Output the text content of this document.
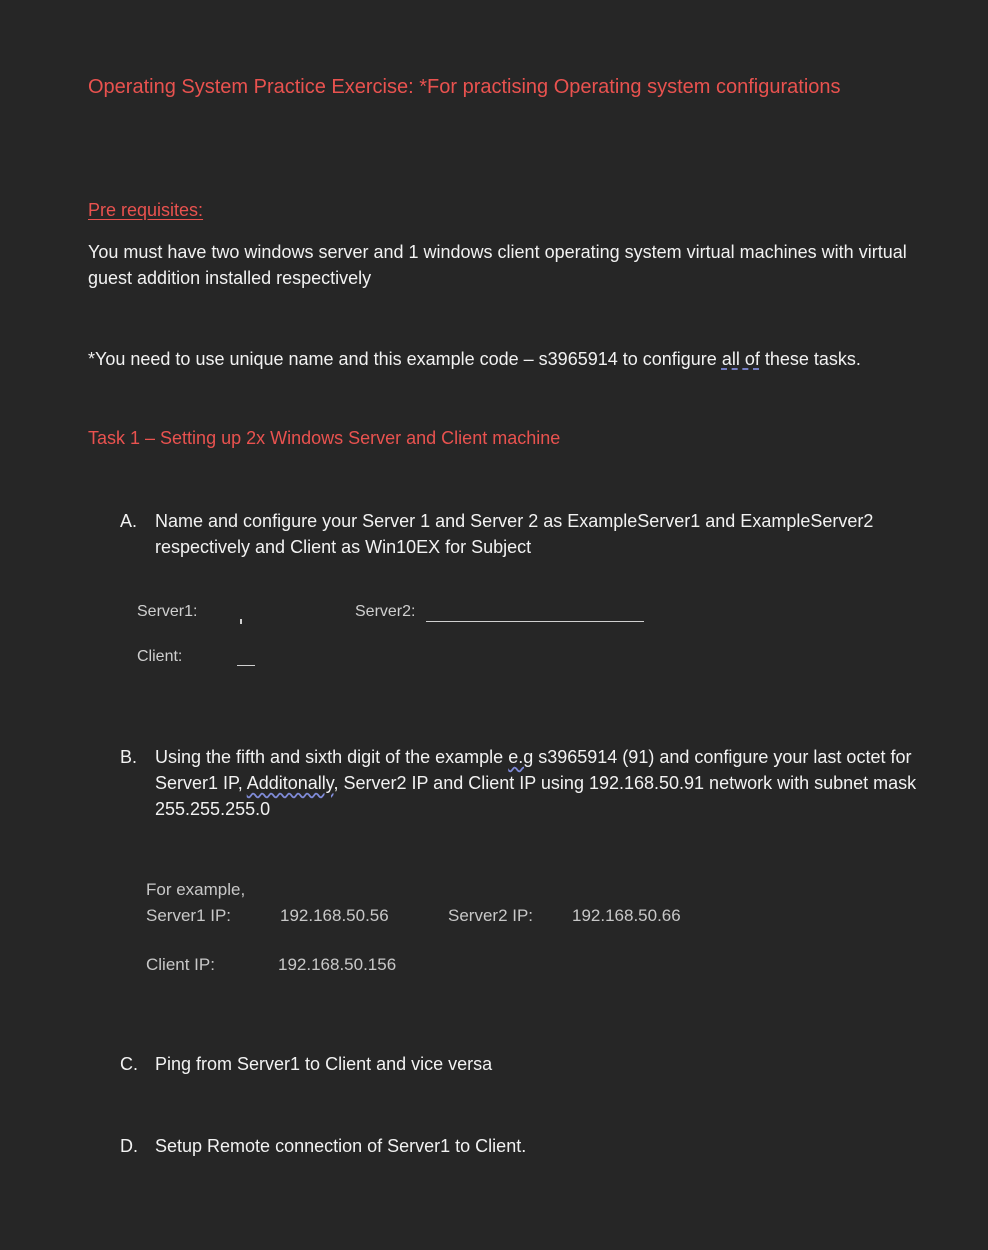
Operating System Practice Exercise: *For practising Operating system configurations
Pre requisites:
You must have two windows server and 1 windows client operating system virtual machines with virtual guest addition installed respectively
*You need to use unique name and this example code – s3965914 to configure all of these tasks.
Task 1 – Setting up 2x Windows Server and Client machine
A. Name and configure your Server 1 and Server 2 as ExampleServer1 and ExampleServer2 respectively and Client as Win10EX for Subject
Server1:	Server2:
Client:
B. Using the fifth and sixth digit of the example e.g s3965914 (91) and configure your last octet for Server1 IP, Additonally, Server2 IP and Client IP using 192.168.50.91 network with subnet mask 255.255.255.0
For example,
Server1 IP:	192.168.50.56	Server2 IP: 192.168.50.66
Client IP:	192.168.50.156
C. Ping from Server1 to Client and vice versa
D. Setup Remote connection of Server1 to Client.
